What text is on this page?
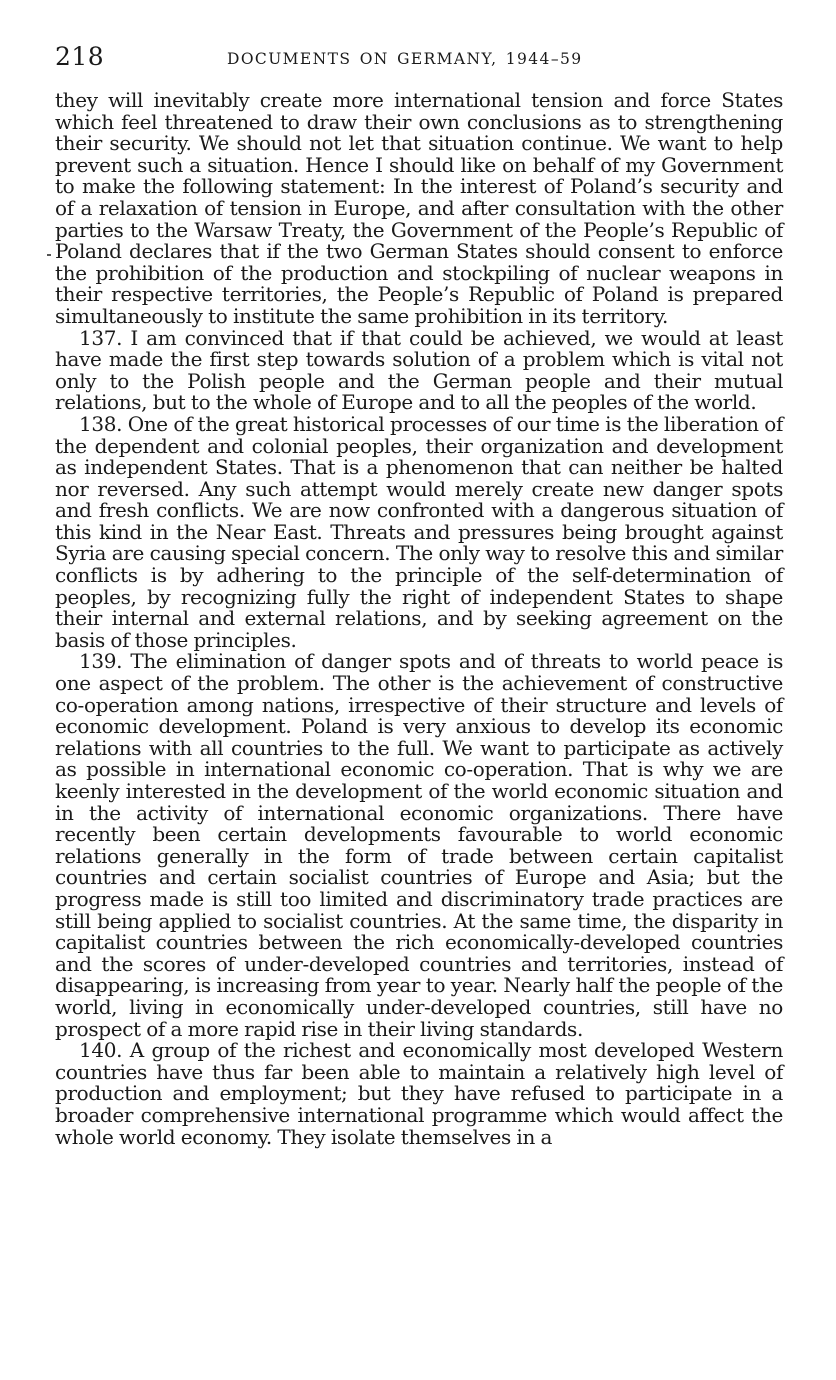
218	DOCUMENTS ON GERMANY, 1944–59

they will inevitably create more international tension and force States which feel threatened to draw their own conclusions as to strengthening their security. We should not let that situation continue. We want to help prevent such a situation. Hence I should like on behalf of my Government to make the following statement: In the interest of Poland’s security and of a relaxation of tension in Europe, and after consultation with the other parties to the Warsaw Treaty, the Government of the People’s Republic of Poland declares that if the two German States should consent to enforce the prohibition of the production and stockpiling of nuclear weapons in their respective territories, the People’s Republic of Poland is prepared simultaneously to institute the same prohibition in its territory.

137. I am convinced that if that could be achieved, we would at least have made the first step towards solution of a problem which is vital not only to the Polish people and the German people and their mutual relations, but to the whole of Europe and to all the peoples of the world.

138. One of the great historical processes of our time is the liberation of the dependent and colonial peoples, their organization and development as independent States. That is a phenomenon that can neither be halted nor reversed. Any such attempt would merely create new danger spots and fresh conflicts. We are now confronted with a dangerous situation of this kind in the Near East. Threats and pressures being brought against Syria are causing special concern. The only way to resolve this and similar conflicts is by adhering to the principle of the self-determination of peoples, by recognizing fully the right of independent States to shape their internal and external relations, and by seeking agreement on the basis of those principles.

139. The elimination of danger spots and of threats to world peace is one aspect of the problem. The other is the achievement of constructive co-operation among nations, irrespective of their structure and levels of economic development. Poland is very anxious to develop its economic relations with all countries to the full. We want to participate as actively as possible in international economic co-operation. That is why we are keenly interested in the development of the world economic situation and in the activity of international economic organizations. There have recently been certain developments favourable to world economic relations generally in the form of trade between certain capitalist countries and certain socialist countries of Europe and Asia; but the progress made is still too limited and discriminatory trade practices are still being applied to socialist countries. At the same time, the disparity in capitalist countries between the rich economically-developed countries and the scores of under-developed countries and territories, instead of disappearing, is increasing from year to year. Nearly half the people of the world, living in economically under-developed countries, still have no prospect of a more rapid rise in their living standards.

140. A group of the richest and economically most developed Western countries have thus far been able to maintain a relatively high level of production and employment; but they have refused to participate in a broader comprehensive international programme which would affect the whole world economy. They isolate themselves in a
